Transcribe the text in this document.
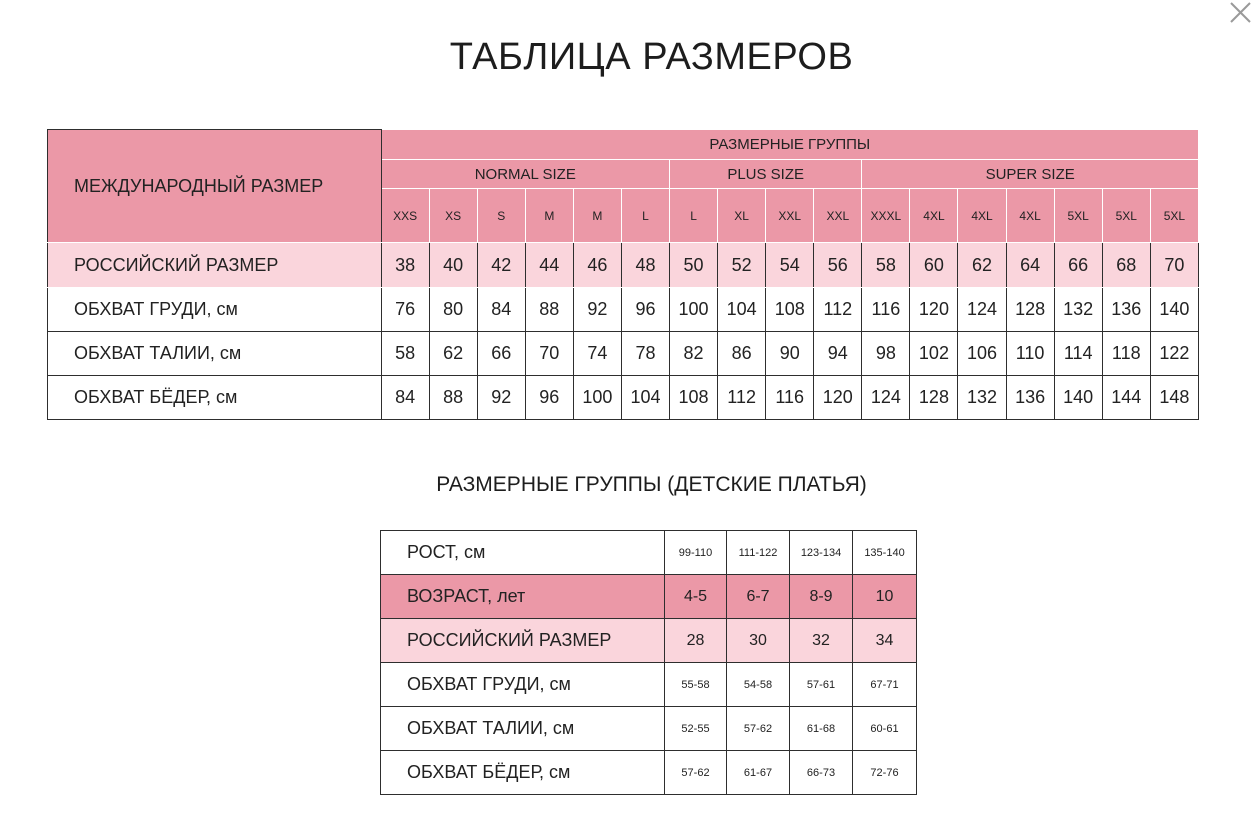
ТАБЛИЦА РАЗМЕРОВ
МЕЖДУНАРОДНЫЙ РАЗМЕР	РАЗМЕРНЫЕ ГРУППЫ																
	NORMAL SIZE						PLUS SIZE				SUPER SIZE						
	XXS	XS	S	M	M	L	L	XL	XXL	XXL	XXXL	4XL	4XL	4XL	5XL	5XL	5XL
РОССИЙСКИЙ РАЗМЕР	38	40	42	44	46	48	50	52	54	56	58	60	62	64	66	68	70
ОБХВАТ ГРУДИ, см	76	80	84	88	92	96	100	104	108	112	116	120	124	128	132	136	140
ОБХВАТ ТАЛИИ, см	58	62	66	70	74	78	82	86	90	94	98	102	106	110	114	118	122
ОБХВАТ БЁДЕР, см	84	88	92	96	100	104	108	112	116	120	124	128	132	136	140	144	148
РАЗМЕРНЫЕ ГРУППЫ (ДЕТСКИЕ ПЛАТЬЯ)
РОСТ, см	99-110	111-122	123-134	135-140
ВОЗРАСТ, лет	4-5	6-7	8-9	10
РОССИЙСКИЙ РАЗМЕР	28	30	32	34
ОБХВАТ ГРУДИ, см	55-58	54-58	57-61	67-71
ОБХВАТ ТАЛИИ, см	52-55	57-62	61-68	60-61
ОБХВАТ БЁДЕР, см	57-62	61-67	66-73	72-76
